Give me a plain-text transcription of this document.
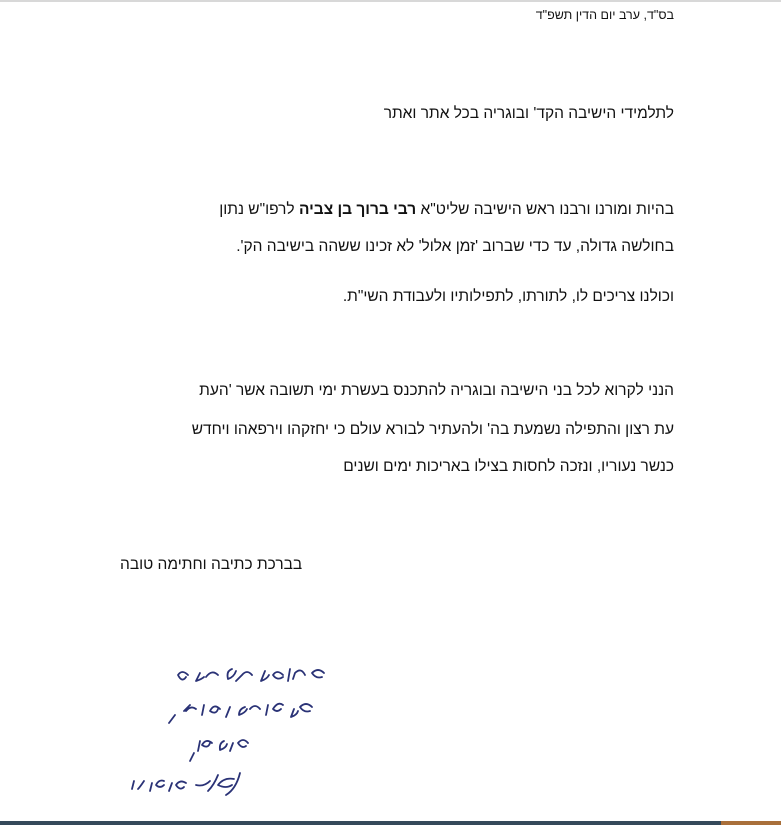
בס"ד, ערב יום הדין תשפ"ד
לתלמידי הישיבה הקד' ובוגריה בכל אתר ואתר
בהיות ומורנו ורבנו ראש הישיבה שליט"א רבי ברוך בן צביה לרפו"ש נתון
בחולשה גדולה, עד כדי שברוב 'זמן אלול' לא זכינו ששהה בישיבה הק'.
וכולנו צריכים לו, לתורתו, לתפילותיו ולעבודת השי"ת.
הנני לקרוא לכל בני הישיבה ובוגריה להתכנס בעשרת ימי תשובה אשר 'העת
עת רצון והתפילה נשמעת בה' ולהעתיר לבורא עולם כי יחזקהו וירפאהו ויחדש
כנשר נעוריו, ונזכה לחסות בצילו באריכות ימים ושנים
בברכת כתיבה וחתימה טובה
